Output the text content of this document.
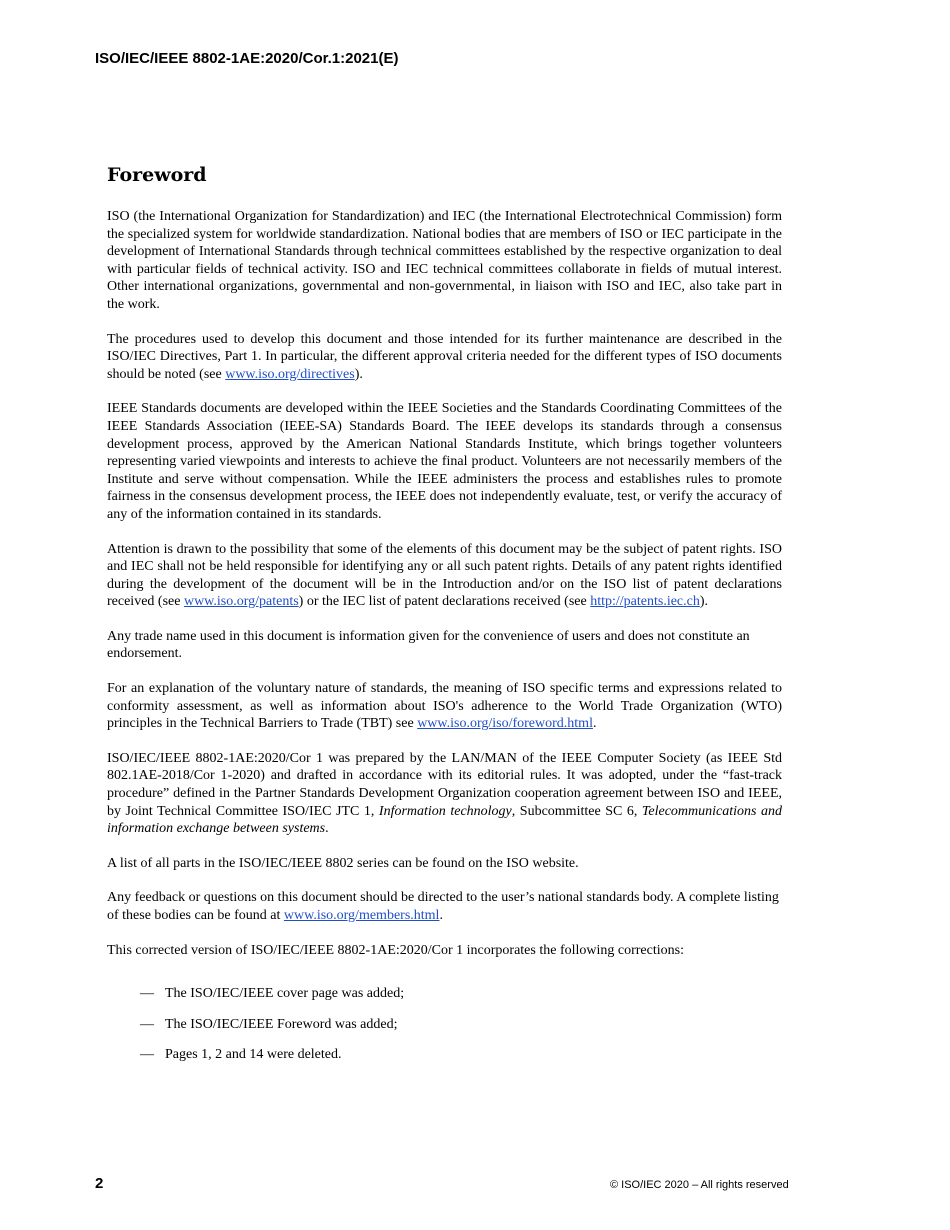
ISO/IEC/IEEE 8802-1AE:2020/Cor.1:2021(E)
Foreword

ISO (the International Organization for Standardization) and IEC (the International Electrotechnical Commission) form the specialized system for worldwide standardization. National bodies that are members of ISO or IEC participate in the development of International Standards through technical committees established by the respective organization to deal with particular fields of technical activity. ISO and IEC technical committees collaborate in fields of mutual interest. Other international organizations, governmental and non-governmental, in liaison with ISO and IEC, also take part in the work.

The procedures used to develop this document and those intended for its further maintenance are described in the ISO/IEC Directives, Part 1. In particular, the different approval criteria needed for the different types of ISO documents should be noted (see www.iso.org/directives).

IEEE Standards documents are developed within the IEEE Societies and the Standards Coordinating Committees of the IEEE Standards Association (IEEE-SA) Standards Board. The IEEE develops its standards through a consensus development process, approved by the American National Standards Institute, which brings together volunteers representing varied viewpoints and interests to achieve the final product. Volunteers are not necessarily members of the Institute and serve without compensation. While the IEEE administers the process and establishes rules to promote fairness in the consensus development process, the IEEE does not independently evaluate, test, or verify the accuracy of any of the information contained in its standards.

Attention is drawn to the possibility that some of the elements of this document may be the subject of patent rights. ISO and IEC shall not be held responsible for identifying any or all such patent rights. Details of any patent rights identified during the development of the document will be in the Introduction and/or on the ISO list of patent declarations received (see www.iso.org/patents) or the IEC list of patent declarations received (see http://patents.iec.ch).

Any trade name used in this document is information given for the convenience of users and does not constitute an endorsement.

For an explanation of the voluntary nature of standards, the meaning of ISO specific terms and expressions related to conformity assessment, as well as information about ISO's adherence to the World Trade Organization (WTO) principles in the Technical Barriers to Trade (TBT) see www.iso.org/iso/foreword.html.

ISO/IEC/IEEE 8802-1AE:2020/Cor 1 was prepared by the LAN/MAN of the IEEE Computer Society (as IEEE Std 802.1AE-2018/Cor 1-2020) and drafted in accordance with its editorial rules. It was adopted, under the “fast-track procedure” defined in the Partner Standards Development Organization cooperation agreement between ISO and IEEE, by Joint Technical Committee ISO/IEC JTC 1, Information technology, Subcommittee SC 6, Telecommunications and information exchange between systems.

A list of all parts in the ISO/IEC/IEEE 8802 series can be found on the ISO website.

Any feedback or questions on this document should be directed to the user’s national standards body. A complete listing of these bodies can be found at www.iso.org/members.html.

This corrected version of ISO/IEC/IEEE 8802-1AE:2020/Cor 1 incorporates the following corrections:

— The ISO/IEC/IEEE cover page was added;
— The ISO/IEC/IEEE Foreword was added;
— Pages 1, 2 and 14 were deleted.
2	© ISO/IEC 2020 – All rights reserved
